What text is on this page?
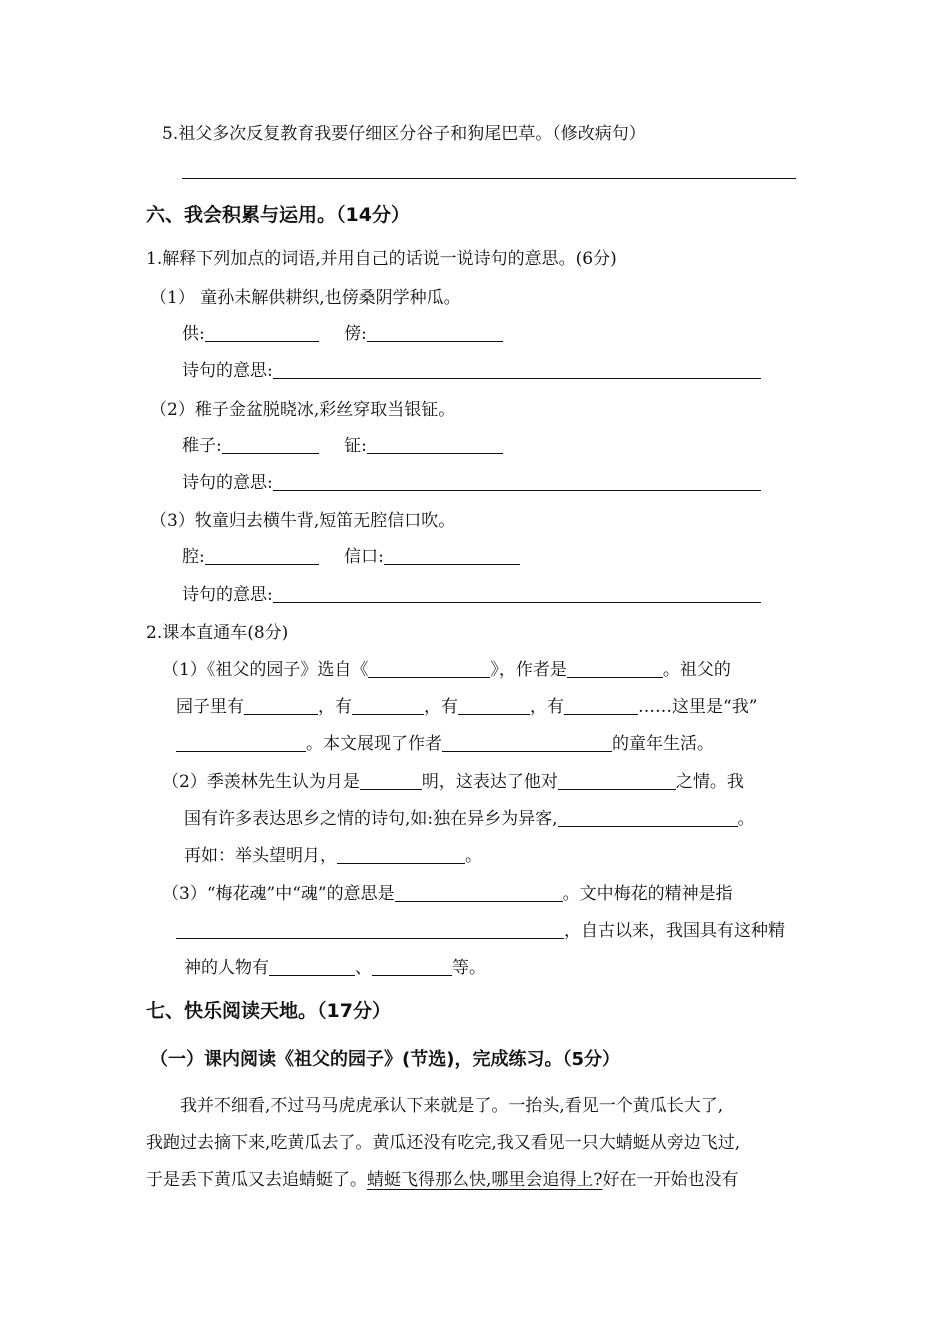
5.祖父多次反复教育我要仔细区分谷子和狗尾巴草。（修改病句）
六、我会积累与运用。（14分）
1.解释下列加点的词语,并用自己的话说一说诗句的意思。(6分)
（1） 童孙未解供耕织,也傍桑阴学种瓜。
供:	傍:
诗句的意思:
（2）稚子金盆脱晓冰,彩丝穿取当银钲。
稚子:	钲:
诗句的意思:
（3）牧童归去横牛背,短笛无腔信口吹。
腔:	信口:
诗句的意思:
2.课本直通车(8分)
（1）《祖父的园子》选自《	》，作者是	。祖父的
园子里有	，有	，有	，有	……这里是“我”
。本文展现了作者	的童年生活。
（2）季羡林先生认为月是	明，这表达了他对	之情。我
国有许多表达思乡之情的诗句,如:独在异乡为异客,	。
再如：举头望明月，	。
（3）“梅花魂”中“魂”的意思是	。文中梅花的精神是指
，自古以来，我国具有这种精
神的人物有	、	等。
七、快乐阅读天地。（17分）
（一）课内阅读《祖父的园子》(节选)，完成练习。（5分）
我并不细看,不过马马虎虎承认下来就是了。一抬头,看见一个黄瓜长大了,
我跑过去摘下来,吃黄瓜去了。黄瓜还没有吃完,我又看见一只大蜻蜓从旁边飞过,
于是丢下黄瓜又去追蜻蜓了。蜻蜓飞得那么快,哪里会追得上?好在一开始也没有
